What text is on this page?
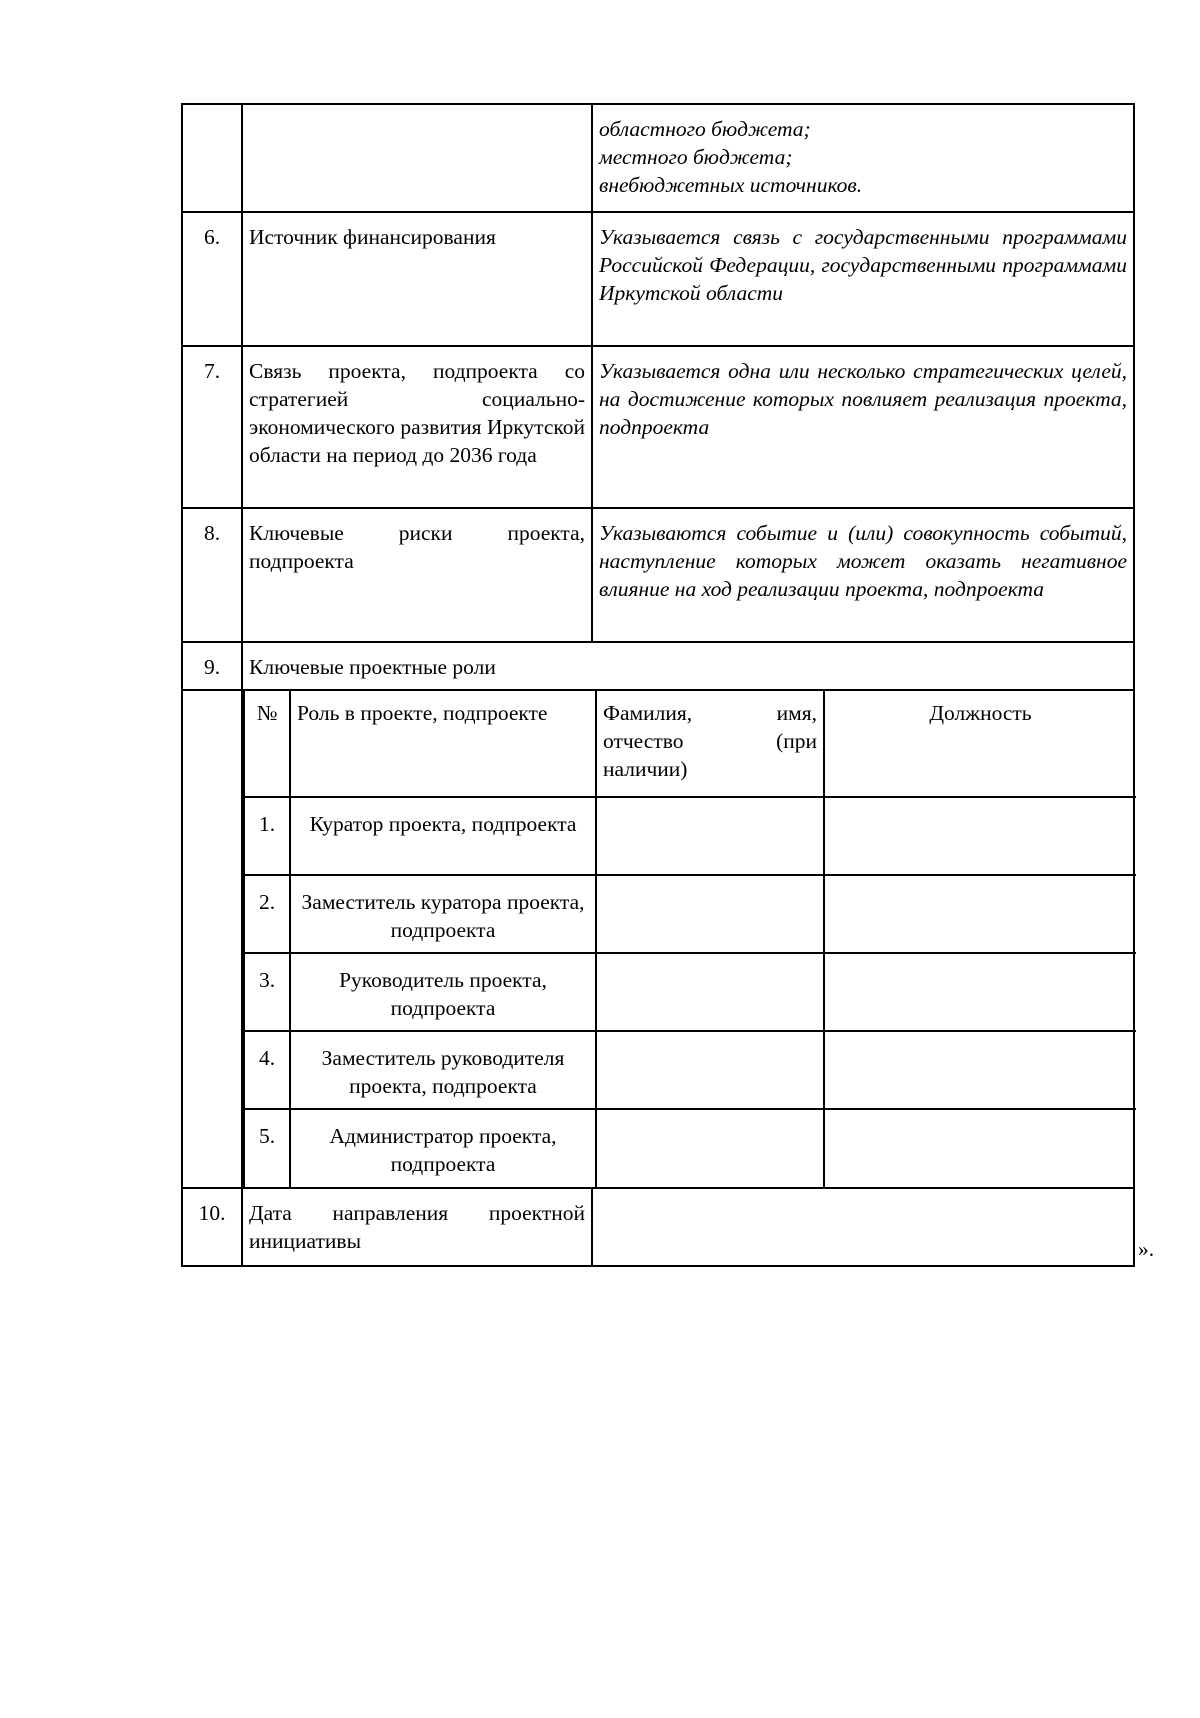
областного бюджета;
местного бюджета;
внебюджетных источников.

6.	Источник финансирования	Указывается связь с государственными программами Российской Федерации, государственными программами Иркутской области
7.	Связь проекта, подпроекта со стратегией социально-экономического развития Иркутской области на период до 2036 года	Указывается одна или несколько стратегических целей, на достижение которых повлияет реализация проекта, подпроекта
8.	Ключевые риски проекта, подпроекта	Указываются событие и (или) совокупность событий, наступление которых может оказать негативное влияние на ход реализации проекта, подпроекта
9.	Ключевые проектные роли

№	Роль в проекте, подпроекте	Фамилия, имя, отчество (при наличии)	Должность
1.	Куратор проекта, подпроекта		
2.	Заместитель куратора проекта, подпроекта		
3.	Руководитель проекта, подпроекта		
4.	Заместитель руководителя проекта, подпроекта		
5.	Администратор проекта, подпроекта		

10.	Дата направления проектной инициативы		».
